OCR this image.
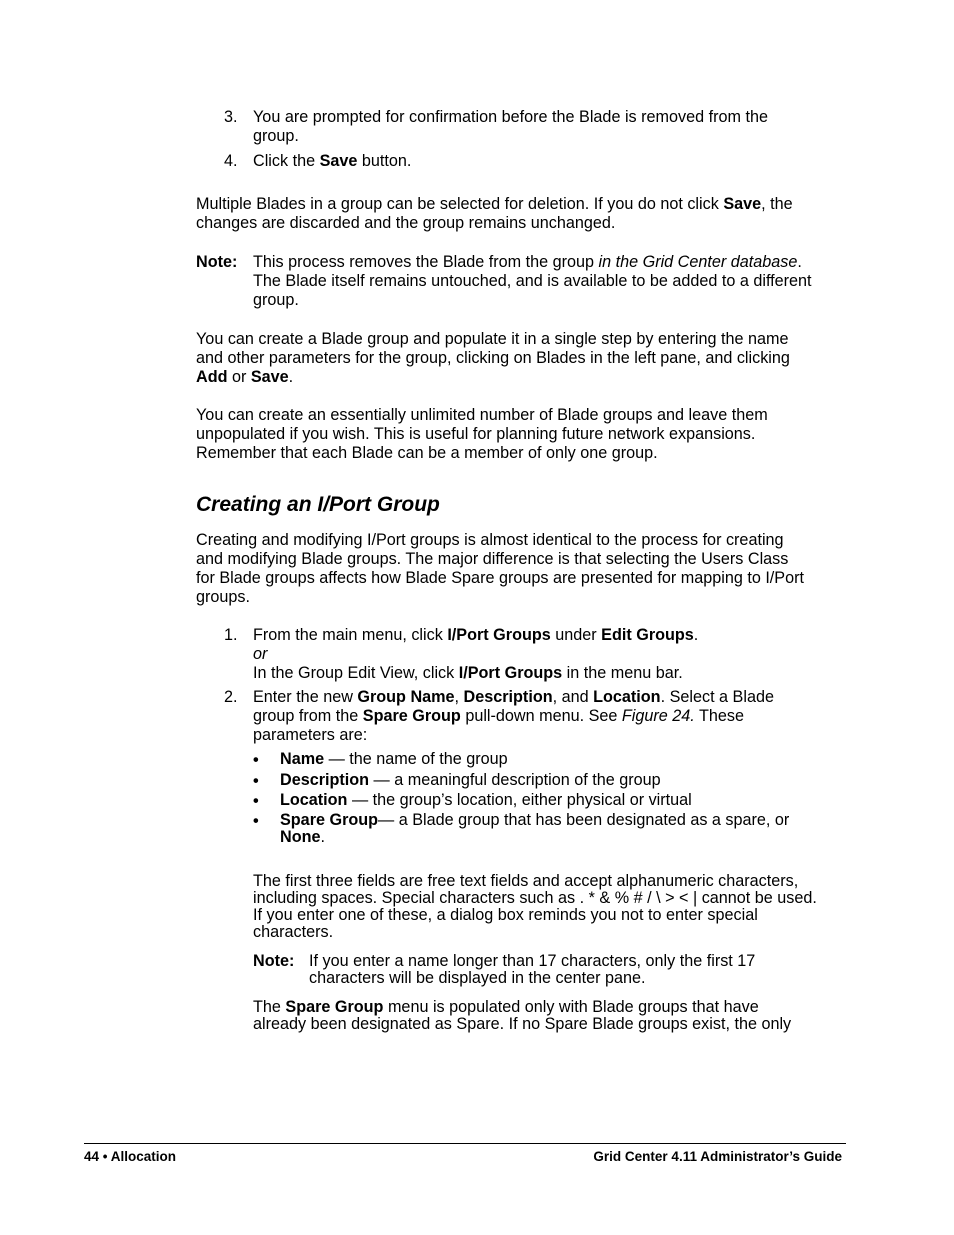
3. You are prompted for confirmation before the Blade is removed from the

group.

4. Click the Save button.

Multiple Blades in a group can be selected for deletion. If you do not click Save, the

changes are discarded and the group remains unchanged.

Note: This process removes the Blade from the group in the Grid Center database.

The Blade itself remains untouched, and is available to be added to a different

group.

You can create a Blade group and populate it in a single step by entering the name

and other parameters for the group, clicking on Blades in the left pane, and clicking

Add or Save.

You can create an essentially unlimited number of Blade groups and leave them

unpopulated if you wish. This is useful for planning future network expansions.

Remember that each Blade can be a member of only one group.

Creating an I/Port Group

Creating and modifying I/Port groups is almost identical to the process for creating

and modifying Blade groups. The major difference is that selecting the Users Class

for Blade groups affects how Blade Spare groups are presented for mapping to I/Port

groups.

1. From the main menu, click I/Port Groups under Edit Groups.

or

In the Group Edit View, click I/Port Groups in the menu bar.

2. Enter the new Group Name, Description, and Location. Select a Blade

group from the Spare Group pull-down menu. See Figure 24. These

parameters are:

• Name — the name of the group
• Description — a meaningful description of the group
• Location — the group’s location, either physical or virtual
• Spare Group— a Blade group that has been designated as a spare, or

None.

The first three fields are free text fields and accept alphanumeric characters,

including spaces. Special characters such as . * & % # / \ > < | cannot be used.

If you enter one of these, a dialog box reminds you not to enter special

characters.

Note: If you enter a name longer than 17 characters, only the first 17

characters will be displayed in the center pane.

The Spare Group menu is populated only with Blade groups that have

already been designated as Spare. If no Spare Blade groups exist, the only

44 • Allocation	Grid Center 4.11 Administrator’s Guide
